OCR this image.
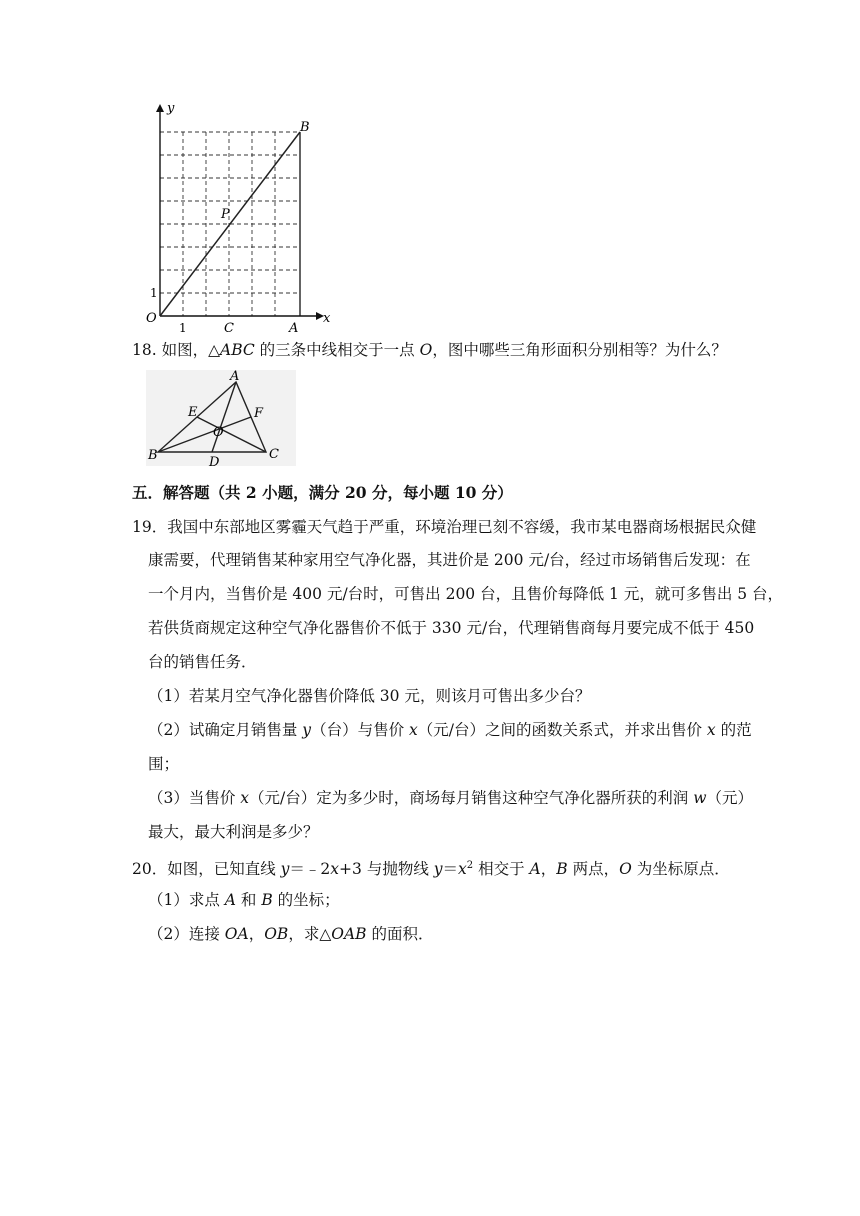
y
x
O
B
P
1
1
C	A
18. 如图，△ABC 的三条中线相交于一点 O，图中哪些三角形面积分别相等？为什么？
A
B	C
D
E	F
O
五．解答题（共 2 小题，满分 20 分，每小题 10 分）
19．我国中东部地区雾霾天气趋于严重，环境治理已刻不容缓，我市某电器商场根据民众健
康需要，代理销售某种家用空气净化器，其进价是 200 元/台，经过市场销售后发现：在
一个月内，当售价是 400 元/台时，可售出 200 台，且售价每降低 1 元，就可多售出 5 台，
若供货商规定这种空气净化器售价不低于 330 元/台，代理销售商每月要完成不低于 450
台的销售任务．
（1）若某月空气净化器售价降低 30 元，则该月可售出多少台？
（2）试确定月销售量 y（台）与售价 x（元/台）之间的函数关系式，并求出售价 x 的范
围；
（3）当售价 x（元/台）定为多少时，商场每月销售这种空气净化器所获的利润 w（元）
最大，最大利润是多少？
20．如图，已知直线 y＝﹣2x+3 与抛物线 $y=x^2$ 相交于 A，B 两点，O 为坐标原点．
（1）求点 A 和 B 的坐标；
（2）连接 OA，OB，求△OAB 的面积．
